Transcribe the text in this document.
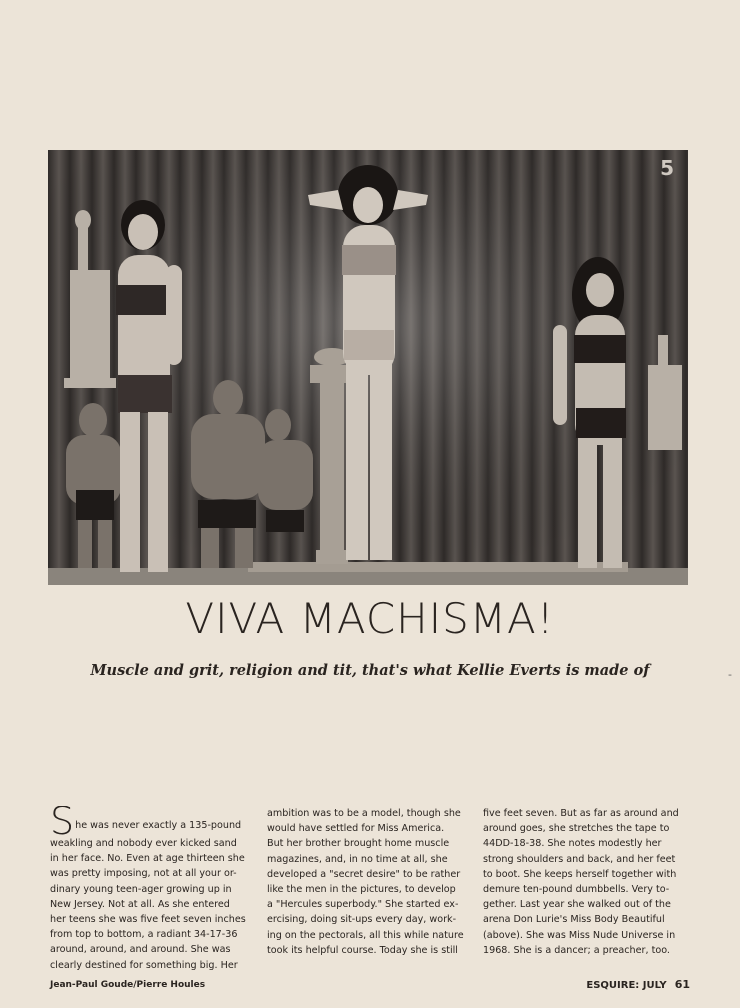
5
VIVA MACHISMA!
Muscle and grit, religion and tit, that's what Kellie Everts is made of	‑
She was never exactly a 135-pound
weakling and nobody ever kicked sand
in her face. No. Even at age thirteen she
was pretty imposing, not at all your or-
dinary young teen-ager growing up in
New Jersey. Not at all. As she entered
her teens she was five feet seven inches
from top to bottom, a radiant 34-17-36
around, around, and around. She was
clearly destined for something big. Her
ambition was to be a model, though she
would have settled for Miss America.
But her brother brought home muscle
magazines, and, in no time at all, she
developed a "secret desire" to be rather
like the men in the pictures, to develop
a "Hercules superbody." She started ex-
ercising, doing sit-ups every day, work-
ing on the pectorals, all this while nature
took its helpful course. Today she is still
five feet seven. But as far as around and
around goes, she stretches the tape to
44DD-18-38. She notes modestly her
strong shoulders and back, and her feet
to boot. She keeps herself together with
demure ten-pound dumbbells. Very to-
gether. Last year she walked out of the
arena Don Lurie's Miss Body Beautiful
(above). She was Miss Nude Universe in
1968. She is a dancer; a preacher, too.
Jean-Paul Goude/Pierre Houles	ESQUIRE: JULY 61
